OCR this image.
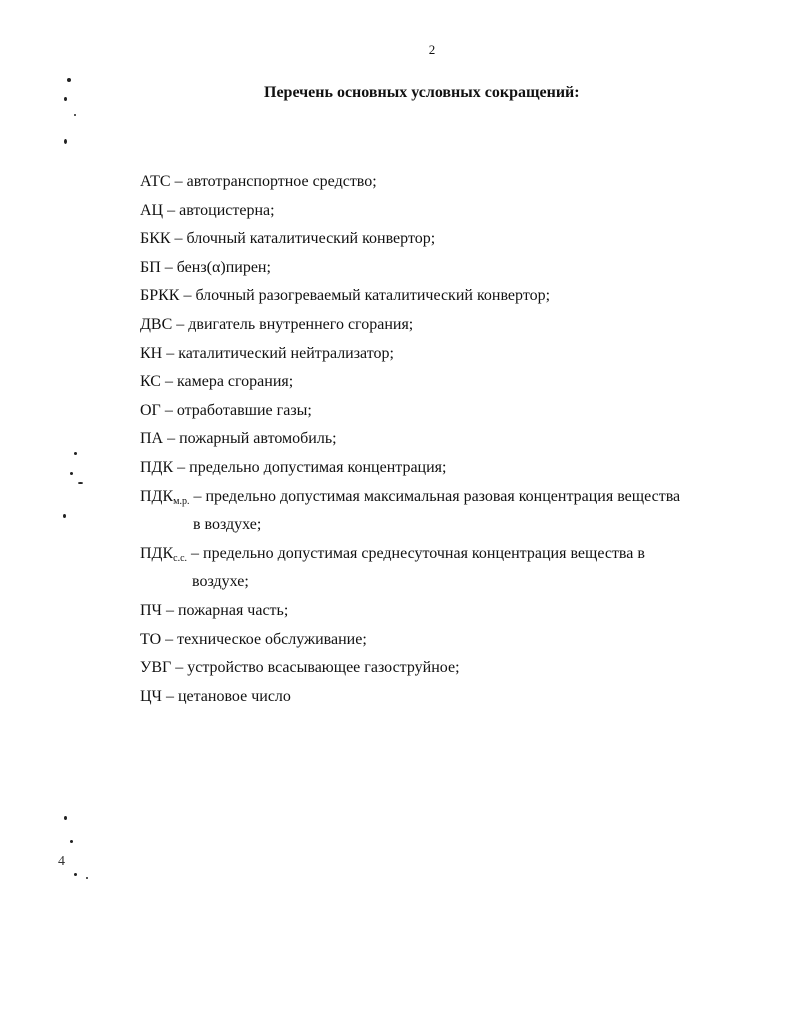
2
Перечень основных условных сокращений:
АТС – автотранспортное средство;
АЦ – автоцистерна;
БКК – блочный каталитический конвертор;
БП – бенз(α)пирен;
БРКК – блочный разогреваемый каталитический конвертор;
ДВС – двигатель внутреннего сгорания;
КН – каталитический нейтрализатор;
КС – камера сгорания;
ОГ – отработавшие газы;
ПА – пожарный автомобиль;
ПДК – предельно допустимая концентрация;
$ПДК_{м.р.}$ – предельно допустимая максимальная разовая концентрация вещества
в воздухе;
$ПДК_{с.с.}$ – предельно допустимая среднесуточная концентрация вещества в
воздухе;
ПЧ – пожарная часть;
ТО – техническое обслуживание;
УВГ – устройство всасывающее газоструйное;
ЦЧ – цетановое число
4
